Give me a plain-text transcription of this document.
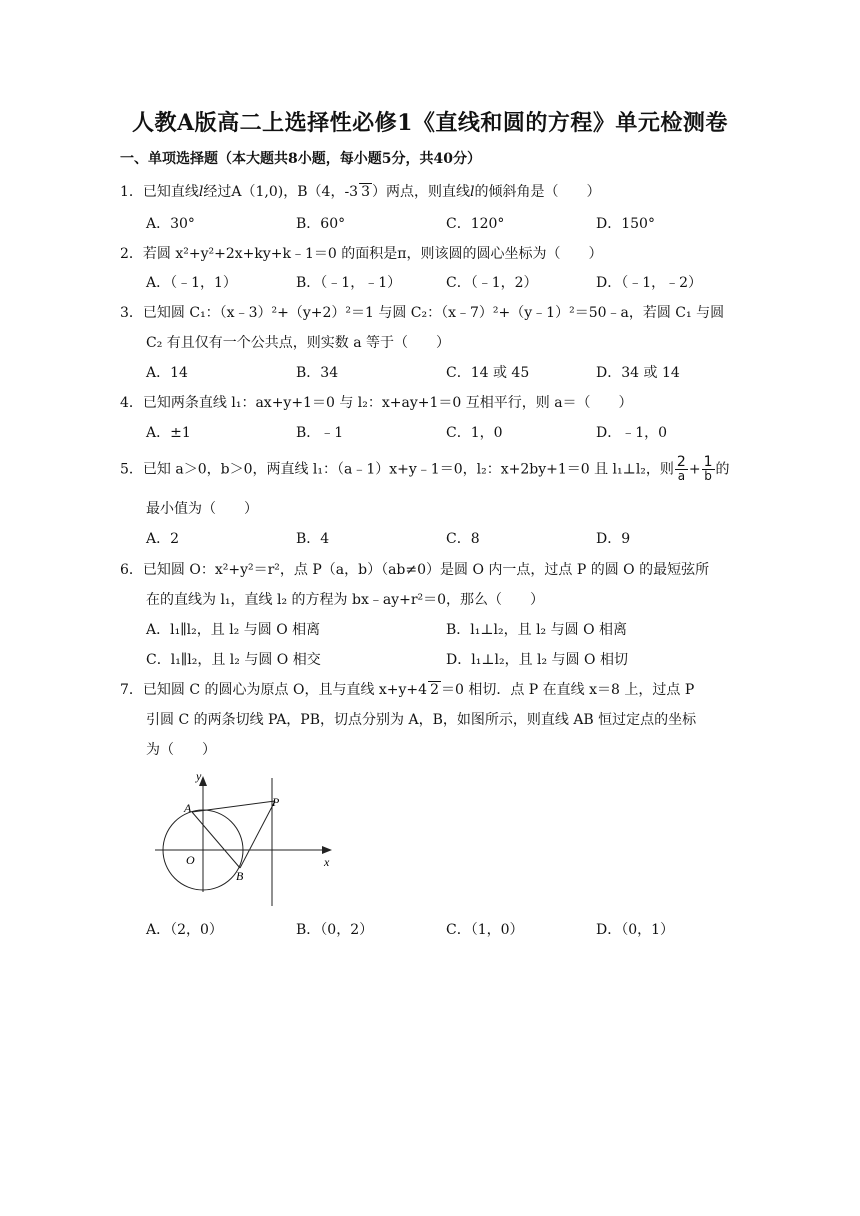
人教A版高二上选择性必修1《直线和圆的方程》单元检测卷
一、单项选择题（本大题共8小题，每小题5分，共40分）
1．已知直线l经过A（1,0)，B（4，-3 3 ）两点，则直线l的倾斜角是（　　）
A．30°	B．60°	C．120°	D．150°
2．若圆 x²+y²+2x+ky+k﹣1＝0 的面积是π，则该圆的圆心坐标为（　　）
A．（﹣1，1）	B．（﹣1，﹣1）	C．（﹣1，2）	D．（﹣1，﹣2）
3．已知圆 C₁：（x﹣3）²+（y+2）²＝1 与圆 C₂：（x﹣7）²+（y﹣1）²＝50﹣a，若圆 C₁ 与圆
C₂ 有且仅有一个公共点，则实数 a 等于（　　）
A．14	B．34	C．14 或 45	D．34 或 14
4．已知两条直线 l₁：ax+y+1＝0 与 l₂：x+ay+1＝0 互相平行，则 a＝（　　）
A．±1	B．﹣1	C．1，0	D．﹣1，0
5．已知 a＞0，b＞0，两直线 l₁：（a﹣1）x+y﹣1＝0，l₂：x+2by+1＝0 且 l₁⊥l₂，则 $\frac{2}{a} + \frac{1}{b}$ 的
最小值为（　　）
A．2	B．4	C．8	D．9
6．已知圆 O：x²+y²＝r²，点 P（a，b）（ab≠0）是圆 O 内一点，过点 P 的圆 O 的最短弦所
在的直线为 l₁，直线 l₂ 的方程为 bx﹣ay+r²＝0，那么（　　）
A．l₁∥l₂，且 l₂ 与圆 O 相离	B．l₁⊥l₂，且 l₂ 与圆 O 相离
C．l₁∥l₂，且 l₂ 与圆 O 相交	D．l₁⊥l₂，且 l₂ 与圆 O 相切
7．已知圆 C 的圆心为原点 O，且与直线 x+y+4 2 ＝0 相切．点 P 在直线 x＝8 上，过点 P
引圆 C 的两条切线 PA，PB，切点分别为 A，B，如图所示，则直线 AB 恒过定点的坐标
为（　　）
y
x
O
A
B
P
A．（2，0）	B．（0，2）	C．（1，0）	D．（0，1）
